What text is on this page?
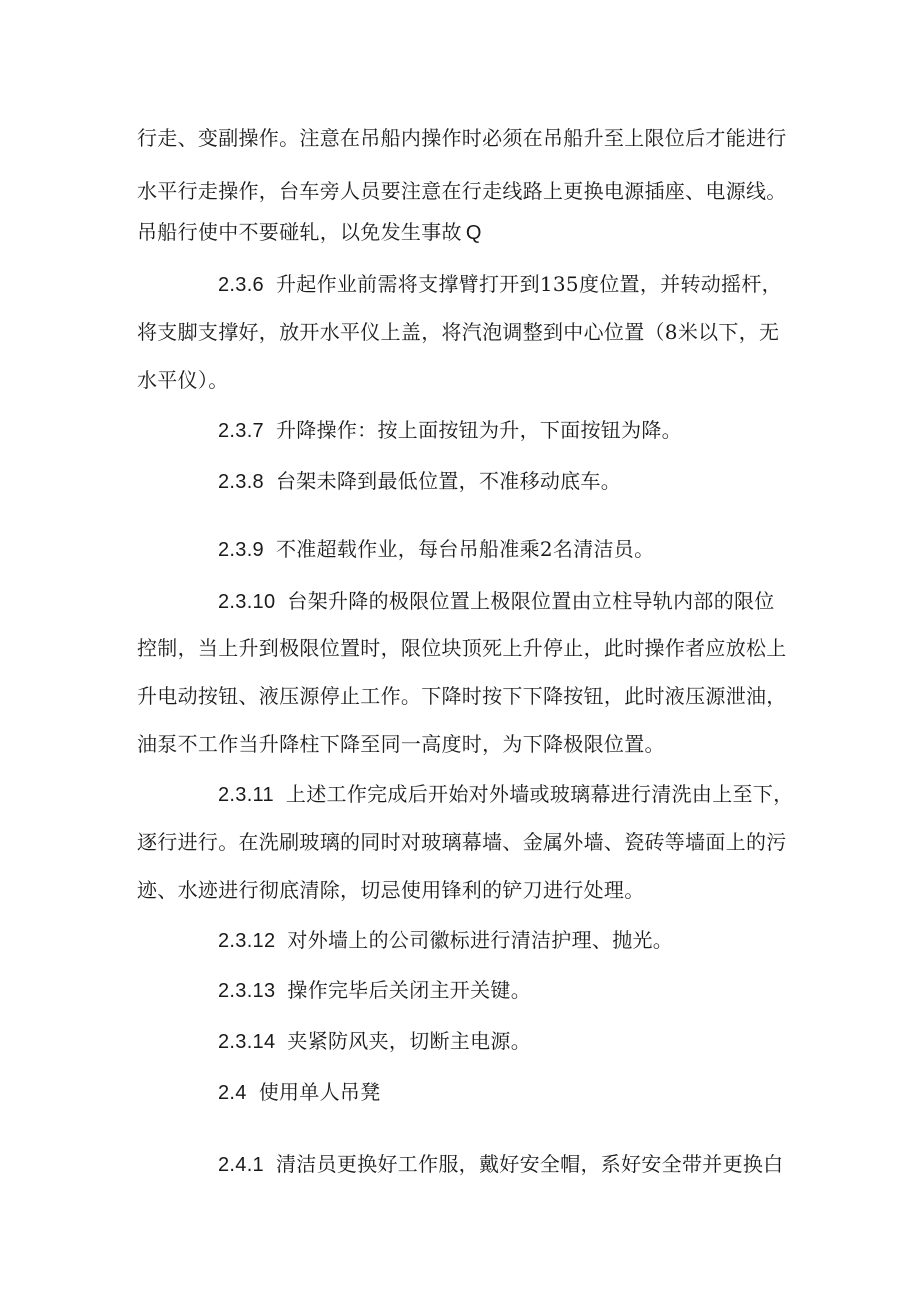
行走、变副操作。注意在吊船内操作时必须在吊船升至上限位后才能进行
水平行走操作，台车旁人员要注意在行走线路上更换电源插座、电源线。
吊船行使中不要碰轧，以免发生事故 Q
2.3.6 升起作业前需将支撑臂打开到135度位置，并转动摇杆，
将支脚支撑好，放开水平仪上盖，将汽泡调整到中心位置（8米以下，无
水平仪）。
2.3.7 升降操作：按上面按钮为升，下面按钮为降。
2.3.8 台架未降到最低位置，不准移动底车。
2.3.9 不准超载作业，每台吊船准乘2名清洁员。
2.3.10 台架升降的极限位置上极限位置由立柱导轨内部的限位
控制，当上升到极限位置时，限位块顶死上升停止，此时操作者应放松上
升电动按钮、液压源停止工作。下降时按下下降按钮，此时液压源泄油，
油泵不工作当升降柱下降至同一高度时，为下降极限位置。
2.3.11 上述工作完成后开始对外墙或玻璃幕进行清洗由上至下，
逐行进行。在洗刷玻璃的同时对玻璃幕墙、金属外墙、瓷砖等墙面上的污
迹、水迹进行彻底清除，切忌使用锋利的铲刀进行处理。
2.3.12 对外墙上的公司徽标进行清洁护理、抛光。
2.3.13 操作完毕后关闭主开关键。
2.3.14 夹紧防风夹，切断主电源。
2.4 使用单人吊凳
2.4.1 清洁员更换好工作服，戴好安全帽，系好安全带并更换白
